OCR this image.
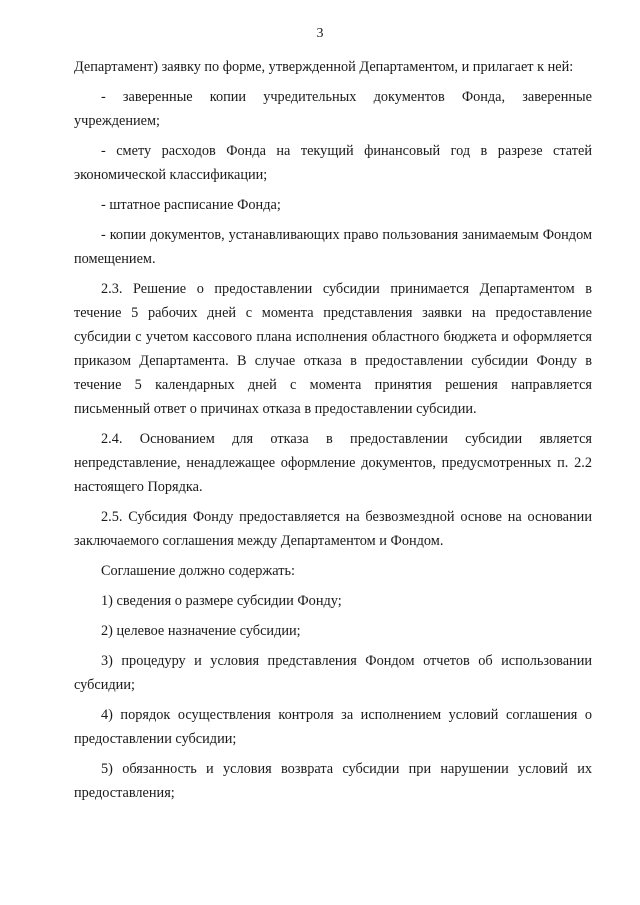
3

Департамент) заявку по форме, утвержденной Департаментом, и прилагает к ней:

- заверенные копии учредительных документов Фонда, заверенные учреждением;

- смету расходов Фонда на текущий финансовый год в разрезе статей экономической классификации;

- штатное расписание Фонда;

- копии документов, устанавливающих право пользования занимаемым Фондом помещением.

2.3. Решение о предоставлении субсидии принимается Департаментом в течение 5 рабочих дней с момента представления заявки на предоставление субсидии с учетом кассового плана исполнения областного бюджета и оформляется приказом Департамента. В случае отказа в предоставлении субсидии Фонду в течение 5 календарных дней с момента принятия решения направляется письменный ответ о причинах отказа в предоставлении субсидии.

2.4. Основанием для отказа в предоставлении субсидии является непредставление, ненадлежащее оформление документов, предусмотренных п. 2.2 настоящего Порядка.

2.5. Субсидия Фонду предоставляется на безвозмездной основе на основании заключаемого соглашения между Департаментом и Фондом.

Соглашение должно содержать:

1) сведения о размере субсидии Фонду;

2) целевое назначение субсидии;

3) процедуру и условия представления Фондом отчетов об использовании субсидии;

4) порядок осуществления контроля за исполнением условий соглашения о предоставлении субсидии;

5) обязанность и условия возврата субсидии при нарушении условий их предоставления;
